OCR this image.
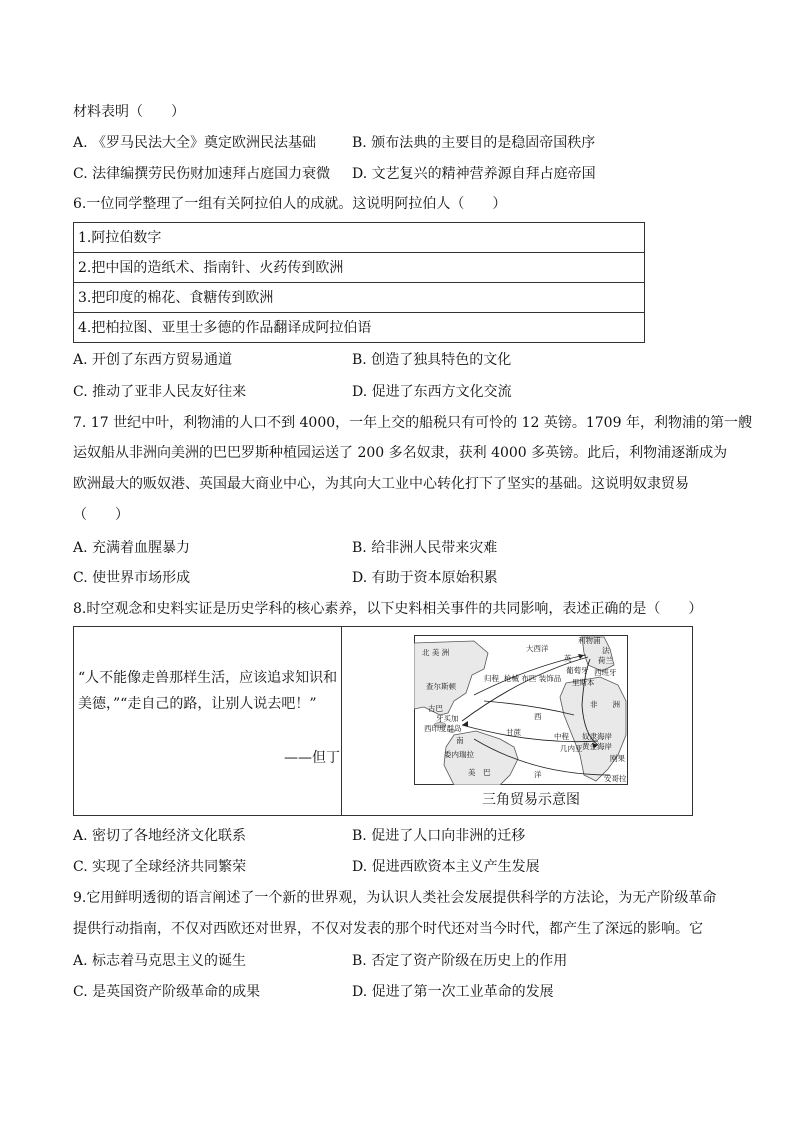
材料表明（　　）
A. 《罗马民法大全》奠定欧洲民法基础	B. 颁布法典的主要目的是稳固帝国秩序
C. 法律编撰劳民伤财加速拜占庭国力衰微 D. 文艺复兴的精神营养源自拜占庭帝国
6.一位同学整理了一组有关阿拉伯人的成就。这说明阿拉伯人（　　）
1.阿拉伯数字
2.把中国的造纸术、指南针、火药传到欧洲
3.把印度的棉花、食糖传到欧洲
4.把柏拉图、亚里士多德的作品翻译成阿拉伯语
A. 开创了东西方贸易通道	B. 创造了独具特色的文化
C. 推动了亚非人民友好往来	D. 促进了东西方文化交流
7. 17 世纪中叶，利物浦的人口不到 4000，一年上交的船税只有可怜的 12 英镑。1709 年，利物浦的第一艘
运奴船从非洲向美洲的巴巴罗斯种植园运送了 200 多名奴隶，获利 4000 多英镑。此后，利物浦逐渐成为
欧洲最大的贩奴港、英国最大商业中心，为其向大工业中心转化打下了坚实的基础。这说明奴隶贸易
（　　）
A. 充满着血腥暴力	B. 给非洲人民带来灾难
C. 使世界市场形成	D. 有助于资本原始积累
8.时空观念和史料实证是历史学科的核心素养，以下史料相关事件的共同影响，表述正确的是（　　）
“人不能像走兽那样生活，应该追求知识和美德，”“走自己的路，让别人说去吧！”
——但丁
北 美 洲	大西洋
利物浦
法
荷兰
查尔斯顿
英
归程 枪械 布匹 装饰品
葡萄牙 西班牙
里斯本
古巴
牙买加
西印度群岛	甘蔗
西
非　　洲
奴隶海岸
黄金海岸
中程
几内亚
委内瑞拉
南
美　巴	洋
刚果
安哥拉
三角贸易示意图
A. 密切了各地经济文化联系	B. 促进了人口向非洲的迁移
C. 实现了全球经济共同繁荣	D. 促进西欧资本主义产生发展
9.它用鲜明透彻的语言阐述了一个新的世界观，为认识人类社会发展提供科学的方法论，为无产阶级革命
提供行动指南，不仅对西欧还对世界，不仅对发表的那个时代还对当今时代，都产生了深远的影响。它
A. 标志着马克思主义的诞生	B. 否定了资产阶级在历史上的作用
C. 是英国资产阶级革命的成果	D. 促进了第一次工业革命的发展
